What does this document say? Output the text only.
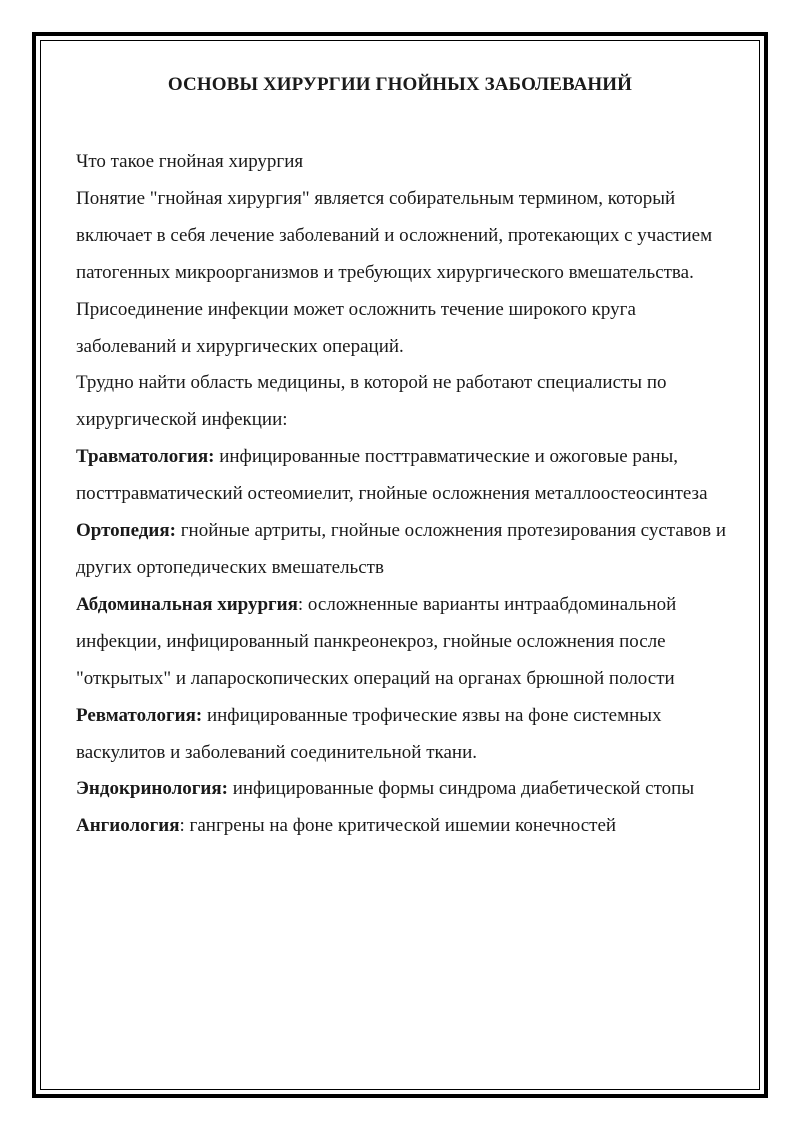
ОСНОВЫ ХИРУРГИИ ГНОЙНЫХ ЗАБОЛЕВАНИЙ

Что такое гнойная хирургия

Понятие "гнойная хирургия" является собирательным термином, который включает в себя лечение заболеваний и осложнений, протекающих с участием патогенных микроорганизмов и требующих хирургического вмешательства. Присоединение инфекции может осложнить течение широкого круга заболеваний и хирургических операций.

Трудно найти область медицины, в которой не работают специалисты по хирургической инфекции:

Травматология: инфицированные посттравматические и ожоговые раны, посттравматический остеомиелит, гнойные осложнения металлоостеосинтеза

Ортопедия: гнойные артриты, гнойные осложнения протезирования суставов и других ортопедических вмешательств

Абдоминальная хирургия: осложненные варианты интраабдоминальной инфекции, инфицированный панкреонекроз, гнойные осложнения после "открытых" и лапароскопических операций на органах брюшной полости

Ревматология: инфицированные трофические язвы на фоне системных васкулитов и заболеваний соединительной ткани.

Эндокринология: инфицированные формы синдрома диабетической стопы

Ангиология: гангрены на фоне критической ишемии конечностей
